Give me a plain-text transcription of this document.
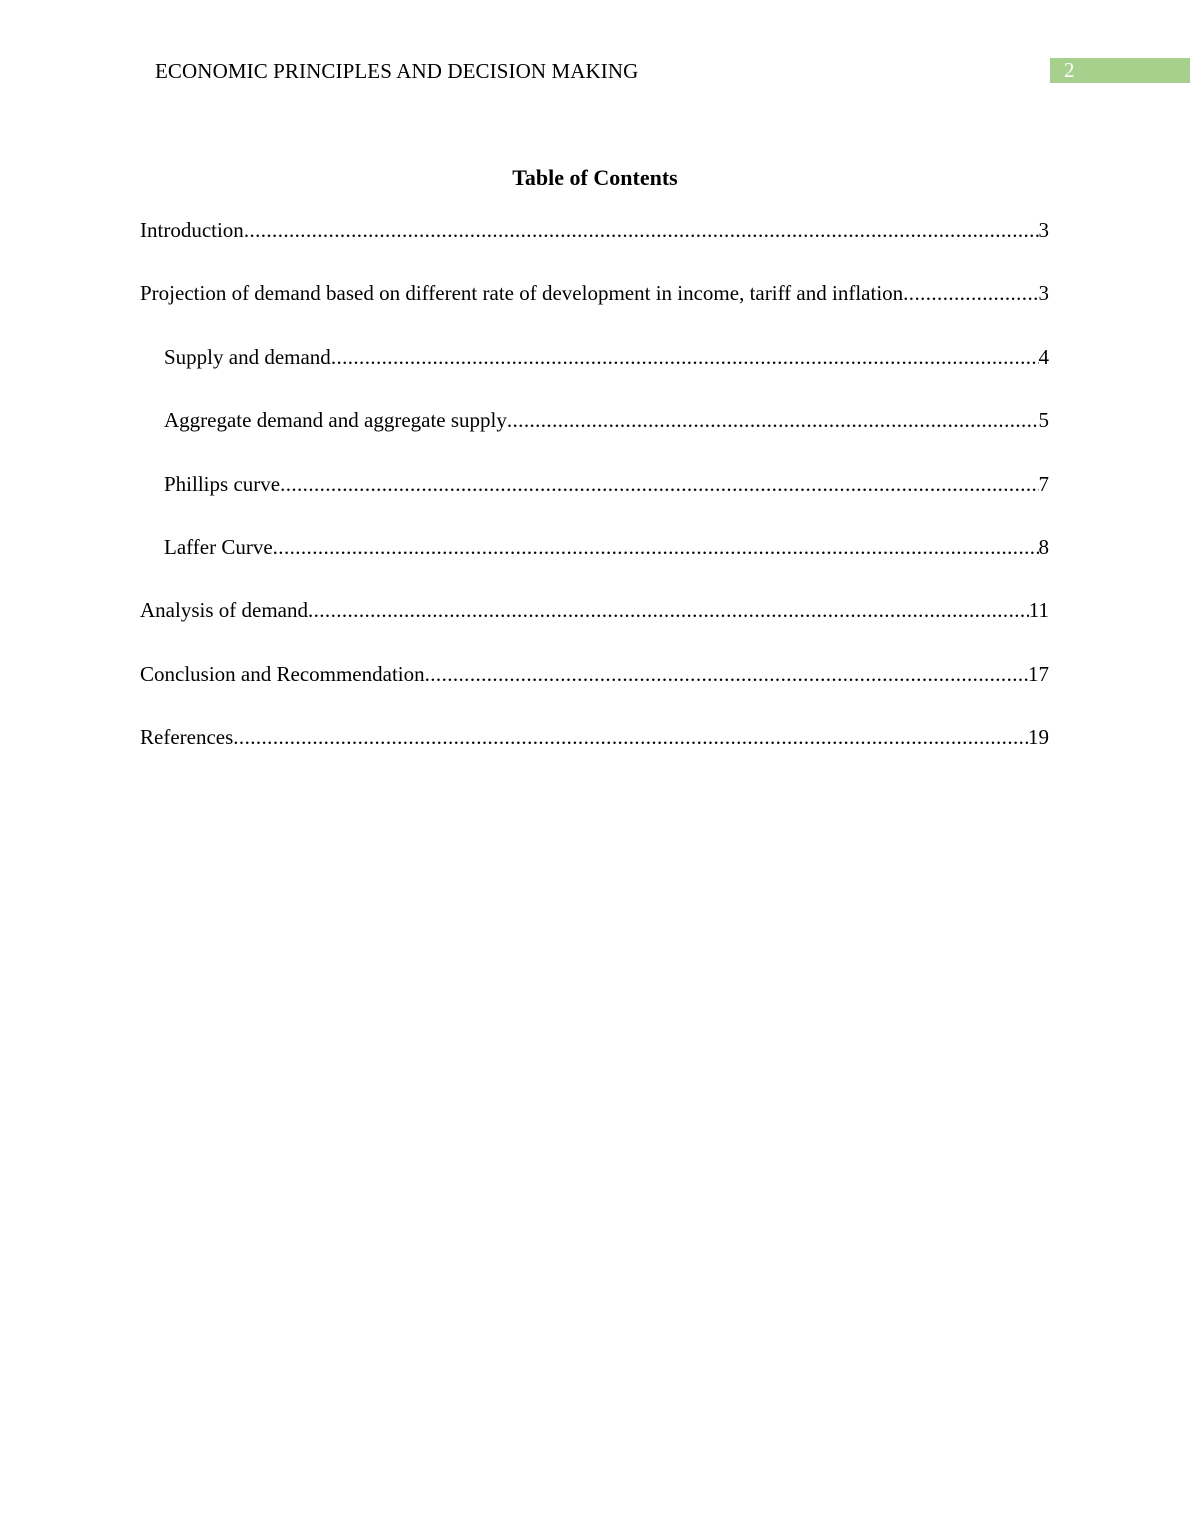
ECONOMIC PRINCIPLES AND DECISION MAKING	2
Table of Contents
Introduction .....	3
Projection of demand based on different rate of development in income, tariff and inflation .....	3
Supply and demand .....	4
Aggregate demand and aggregate supply .....	5
Phillips curve .....	7
Laffer Curve .....	8
Analysis of demand .....	11
Conclusion and Recommendation .....	17
References .....	19
